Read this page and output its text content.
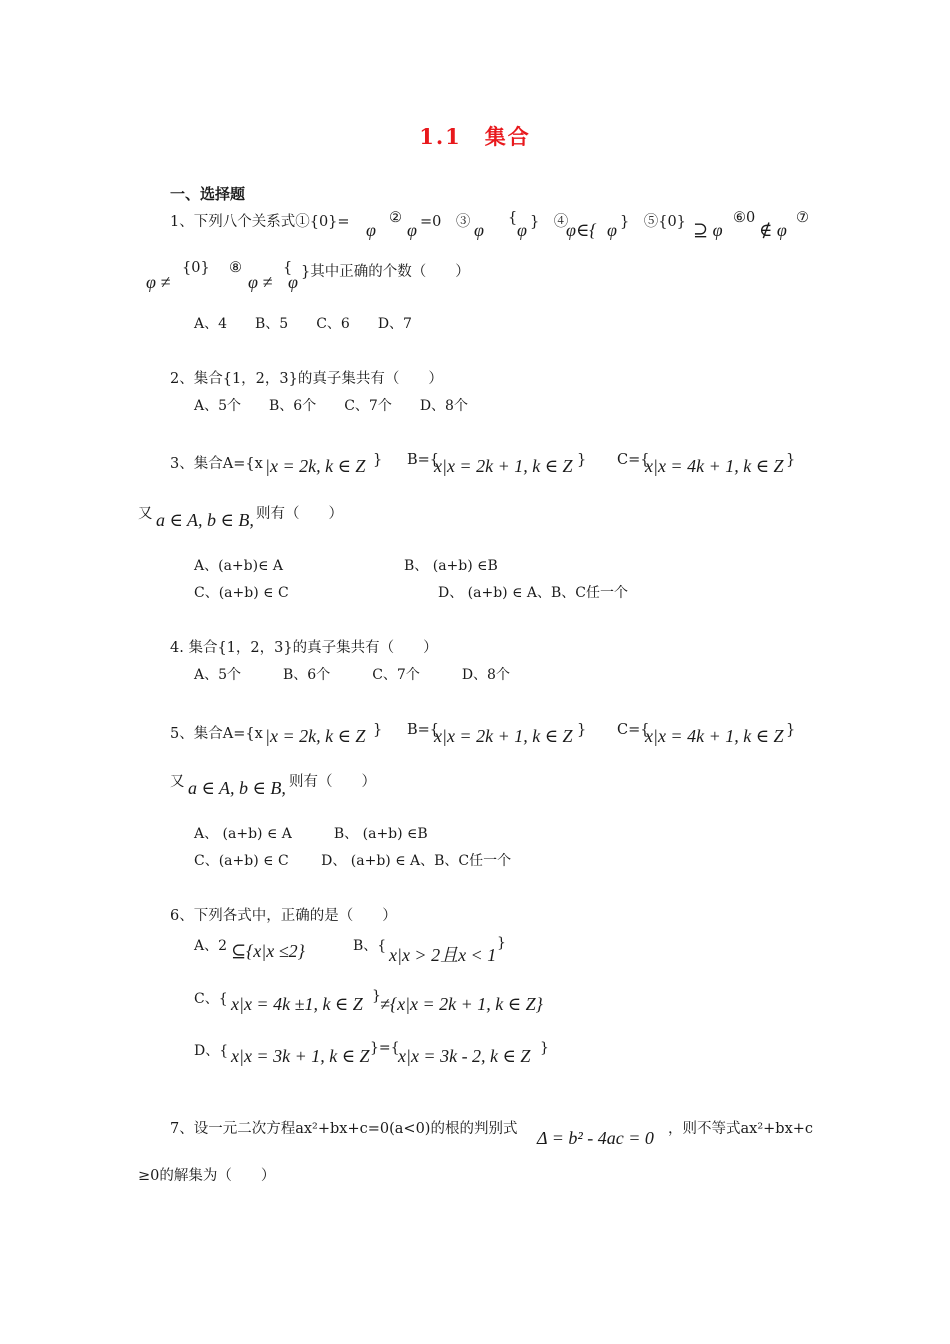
1.1　集合
一、选择题
1、下列八个关系式①{0}= φ
②
φ =0　③ φ
{
φ }　④
φ∈{ φ }　⑤{0} ⊇ φ
⑥0
∉ φ
⑦
φ ≠
{0} ⑧
φ ≠
{
φ }其中正确的个数（　　）
A、4　　B、5　　C、6　　D、7
2、集合{1，2，3}的真子集共有（　　）
A、5个　　B、6个　　C、7个　　D、8个
3、集合A={x |x = 2k, k ∈ Z } B={
x|x = 2k + 1, k ∈ Z } C={
x|x = 4k + 1, k ∈ Z }
又 a ∈ A, b ∈ B, 则有（　　）
A、(a+b)∈ A	B、 (a+b) ∈B
C、(a+b) ∈ C	D、 (a+b) ∈ A、B、C任一个
4. 集合{1，2，3}的真子集共有（　　）
A、5个　　　B、6个　　　C、7个　　　D、8个
5、集合A={x |x = 2k, k ∈ Z } B={
x|x = 2k + 1, k ∈ Z } C={
x|x = 4k + 1, k ∈ Z }
又 a ∈ A, b ∈ B, 则有（　　）
A、 (a+b) ∈ A　　　B、 (a+b) ∈B
C、(a+b) ∈ C　　 D、 (a+b) ∈ A、B、C任一个
6、下列各式中，正确的是（　　）
A、2 ⊆{x|x ≤2}	B、{ x|x > 2且x < 1
}
C、{ x|x = 4k ±1, k ∈ Z } ≠{x|x = 2k + 1, k ∈ Z}
D、{ x|x = 3k + 1, k ∈ Z }={
x|x = 3k - 2, k ∈ Z }
7、设一元二次方程ax²+bx+c=0(a<0)的根的判别式 Δ = b² - 4ac = 0 ，则不等式ax²+bx+c
≥0的解集为（　　）
